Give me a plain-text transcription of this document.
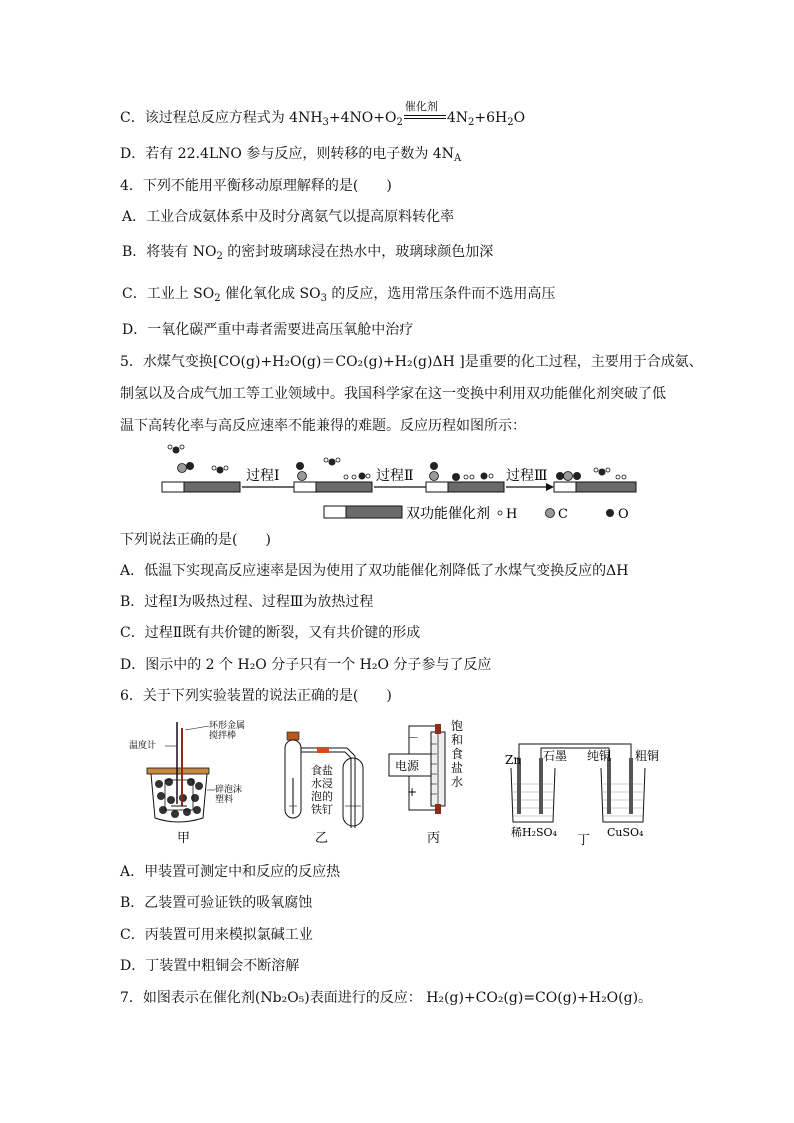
C．该过程总反应方程式为 $4NH_3+4NO+O_2$
催化剂
$4N_2+6H_2O$
D．若有 22.4LNO 参与反应，则转移的电子数为 $4N_A$
4．下列不能用平衡移动原理解释的是(　　)
A．工业合成氨体系中及时分离氨气以提高原料转化率
B．将装有 $NO_2$ 的密封玻璃球浸在热水中，玻璃球颜色加深
C．工业上 $SO_2$ 催化氧化成 $SO_3$ 的反应，选用常压条件而不选用高压
D．一氧化碳严重中毒者需要进高压氧舱中治疗
5．水煤气变换[CO(g)+H₂O(g)＝CO₂(g)+H₂(g)ΔH ]是重要的化工过程，主要用于合成氨、
制氢以及合成气加工等工业领域中。我国科学家在这一变换中利用双功能催化剂突破了低
温下高转化率与高反应速率不能兼得的难题。反应历程如图所示：
过程Ⅰ	过程Ⅱ	过程Ⅲ
双功能催化剂 H	C	O
下列说法正确的是(　　)
A．低温下实现高反应速率是因为使用了双功能催化剂降低了水煤气变换反应的ΔH
B．过程Ⅰ为吸热过程、过程Ⅲ为放热过程
C．过程Ⅱ既有共价键的断裂，又有共价键的形成
D．图示中的 2 个 H₂O 分子只有一个 H₂O 分子参与了反应
6．关于下列实验装置的说法正确的是(　　)
环形金属搅拌棒
温度计
碎泡沫塑料
甲
食盐水浸泡的铁钉
乙
电源
－
+
饱和食盐水
丙
Zn 石墨 纯铜 粗铜
稀H₂SO₄	CuSO₄
丁
A．甲装置可测定中和反应的反应热
B．乙装置可验证铁的吸氧腐蚀
C．丙装置可用来模拟氯碱工业
D．丁装置中粗铜会不断溶解
7．如图表示在催化剂(Nb₂O₅)表面进行的反应： H₂(g)+CO₂(g)=CO(g)+H₂O(g)。
